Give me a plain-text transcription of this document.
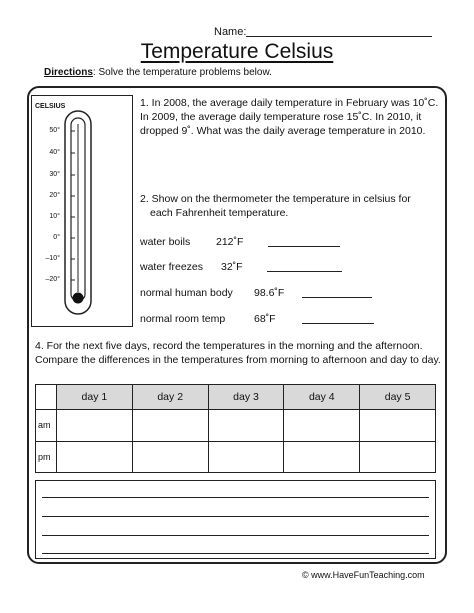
Name:
Temperature Celsius
Directions: Solve the temperature problems below.
CELSIUS
50°
40°
30°
20°
10°
0°
–10°
–20°
1. In 2008, the average daily temperature in February was 10˚C. In 2009, the average daily temperature rose 15˚C. In 2010, it dropped 9˚. What was the daily average temperature in 2010.
2. Show on the thermometer the temperature in celsius for
each Fahrenheit temperature.
water boils 212˚F
water freezes 32˚F
normal human body 98.6˚F
normal room temp	68˚F
4. For the next five days, record the temperatures in the morning and the afternoon. Compare the differences in the temperatures from morning to afternoon and day to day.
	day 1	day 2	day 3	day 4	day 5
am					
pm					
© www.HaveFunTeaching.com
